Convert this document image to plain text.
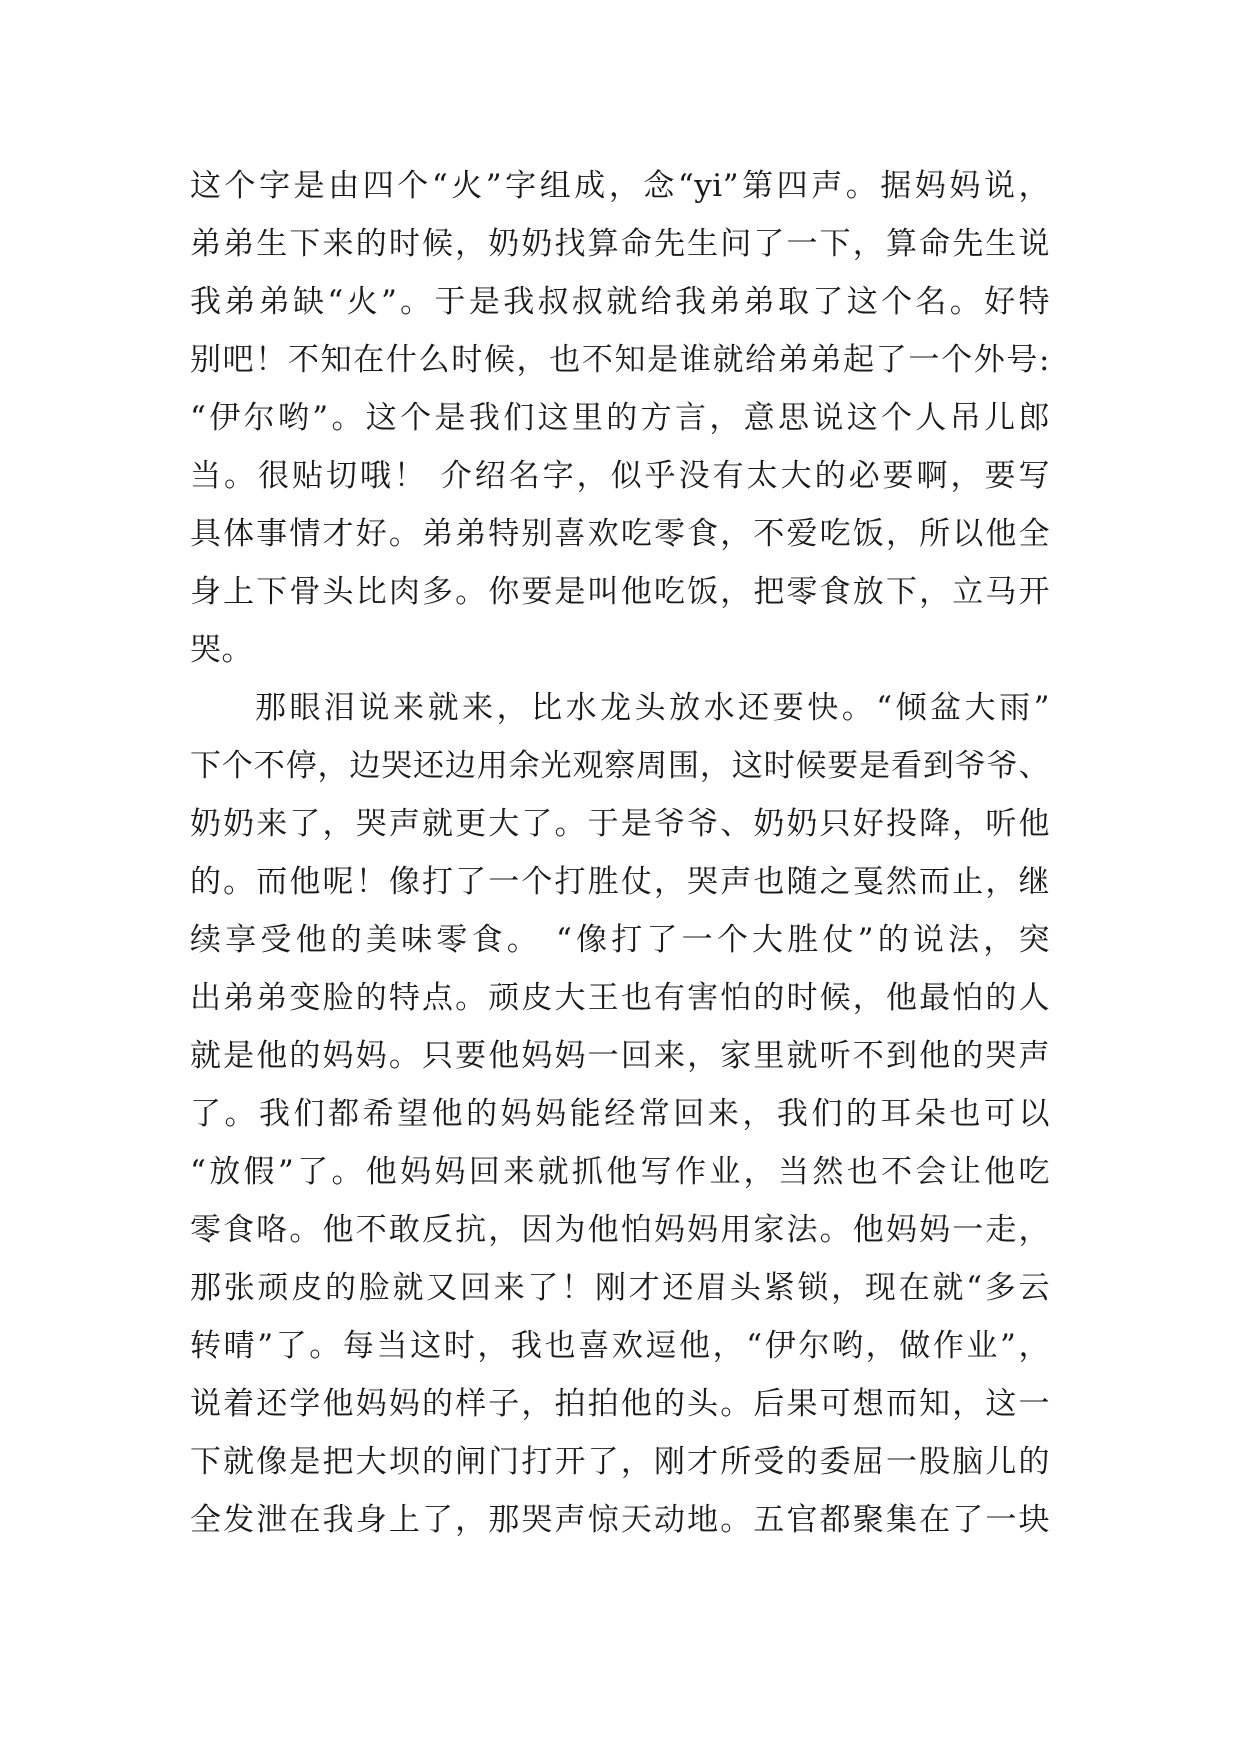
这个字是由四个“火”字组成，念“yi”第四声。据妈妈说，
弟弟生下来的时候，奶奶找算命先生问了一下，算命先生说
我弟弟缺“火”。于是我叔叔就给我弟弟取了这个名。好特
别吧！不知在什么时候，也不知是谁就给弟弟起了一个外号:
“伊尔哟”。这个是我们这里的方言，意思说这个人吊儿郎
当。很贴切哦！ 介绍名字，似乎没有太大的必要啊，要写
具体事情才好。弟弟特别喜欢吃零食，不爱吃饭，所以他全
身上下骨头比肉多。你要是叫他吃饭，把零食放下，立马开
哭。
那眼泪说来就来，比水龙头放水还要快。“倾盆大雨”
下个不停，边哭还边用余光观察周围，这时候要是看到爷爷、
奶奶来了，哭声就更大了。于是爷爷、奶奶只好投降，听他
的。而他呢！像打了一个打胜仗，哭声也随之戛然而止，继
续享受他的美味零食。 “像打了一个大胜仗”的说法，突
出弟弟变脸的特点。顽皮大王也有害怕的时候，他最怕的人
就是他的妈妈。只要他妈妈一回来，家里就听不到他的哭声
了。我们都希望他的妈妈能经常回来，我们的耳朵也可以
“放假”了。他妈妈回来就抓他写作业，当然也不会让他吃
零食咯。他不敢反抗，因为他怕妈妈用家法。他妈妈一走，
那张顽皮的脸就又回来了！刚才还眉头紧锁，现在就“多云
转晴”了。每当这时，我也喜欢逗他，“伊尔哟，做作业”，
说着还学他妈妈的样子，拍拍他的头。后果可想而知，这一
下就像是把大坝的闸门打开了，刚才所受的委屈一股脑儿的
全发泄在我身上了，那哭声惊天动地。五官都聚集在了一块
